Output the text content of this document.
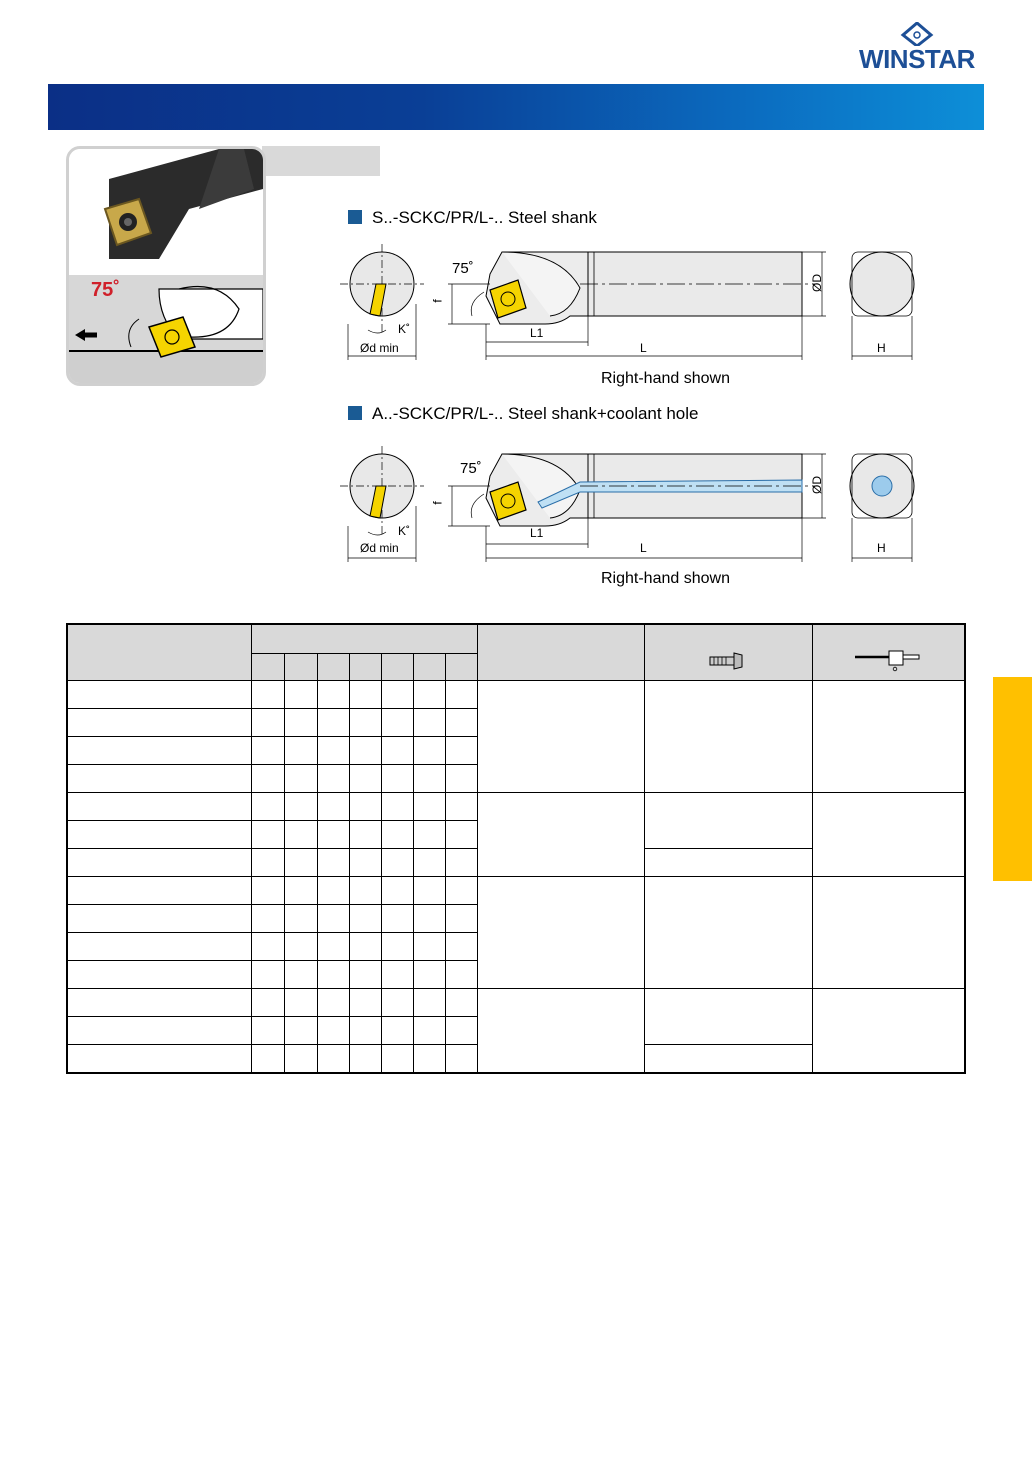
WINSTAR
75˚
S..-SCKC/PR/L-.. Steel shank
75˚
ØD
f
K˚
Ød min
L1
L	H
Right-hand shown
A..-SCKC/PR/L-.. Steel shank+coolant hole
75˚
ØD
f
K˚
Ød min
L1
L	H
Right-hand shown
